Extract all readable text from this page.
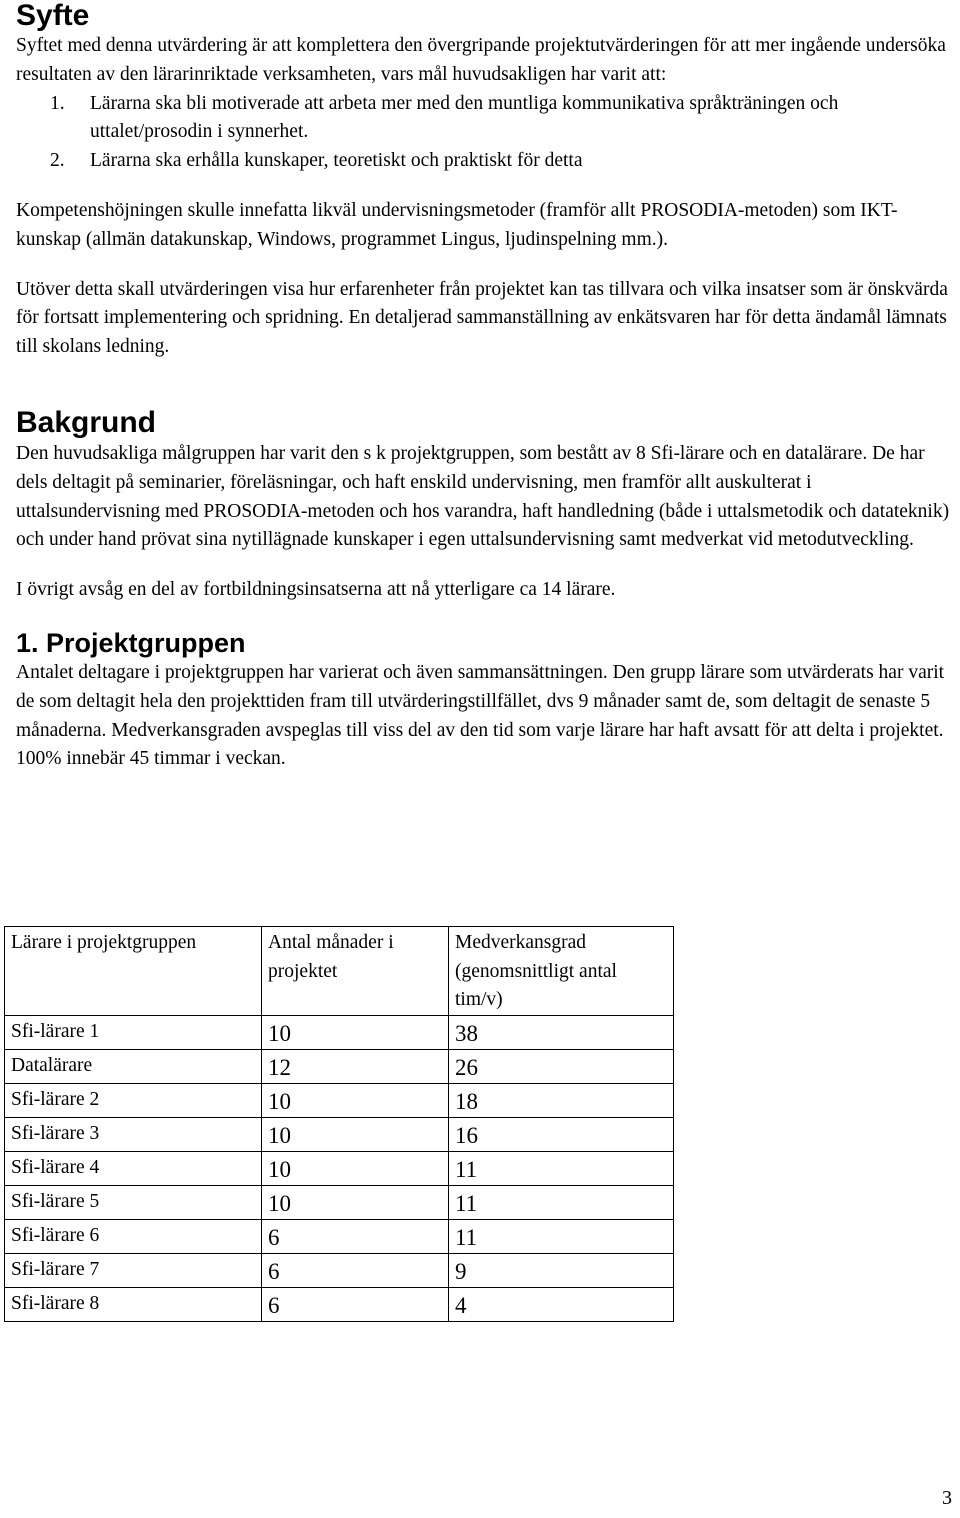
Syfte

Syftet med denna utvärdering är att komplettera den övergripande projektutvärderingen för att mer ingående undersöka resultaten av den lärarinriktade verksamheten, vars mål huvudsakligen har varit att:

1. Lärarna ska bli motiverade att arbeta mer med den muntliga kommunikativa språkträningen och uttalet/prosodin i synnerhet.
2. Lärarna ska erhålla kunskaper, teoretiskt och praktiskt för detta

Kompetenshöjningen skulle innefatta likväl undervisningsmetoder (framför allt PROSODIA-metoden) som IKT-kunskap (allmän datakunskap, Windows, programmet Lingus, ljudinspelning mm.).

Utöver detta skall utvärderingen visa hur erfarenheter från projektet kan tas tillvara och vilka insatser som är önskvärda för fortsatt implementering och spridning. En detaljerad sammanställning av enkätsvaren har för detta ändamål lämnats till skolans ledning.

Bakgrund

Den huvudsakliga målgruppen har varit den s k projektgruppen, som bestått av 8 Sfi-lärare och en datalärare. De har dels deltagit på seminarier, föreläsningar, och haft enskild undervisning, men framför allt auskulterat i uttalsundervisning med PROSODIA-metoden och hos varandra, haft handledning (både i uttalsmetodik och datateknik) och under hand prövat sina nytillägnade kunskaper i egen uttalsundervisning samt medverkat vid metodutveckling.

I övrigt avsåg en del av fortbildningsinsatserna att nå ytterligare ca 14 lärare.

1. Projektgruppen

Antalet deltagare i projektgruppen har varierat och även sammansättningen. Den grupp lärare som utvärderats har varit de som deltagit hela den projekttiden fram till utvärderingstillfället, dvs 9 månader samt de, som deltagit de senaste 5 månaderna. Medverkansgraden avspeglas till viss del av den tid som varje lärare har haft avsatt för att delta i projektet. 100% innebär 45 timmar i veckan.

Lärare i projektgruppen	Antal månader i projektet	Medverkansgrad (genomsnittligt antal tim/v)
Sfi-lärare 1	10	38
Datalärare	12	26
Sfi-lärare 2	10	18
Sfi-lärare 3	10	16
Sfi-lärare 4	10	11
Sfi-lärare 5	10	11
Sfi-lärare 6	6	11
Sfi-lärare 7	6	9
Sfi-lärare 8	6	4
3
